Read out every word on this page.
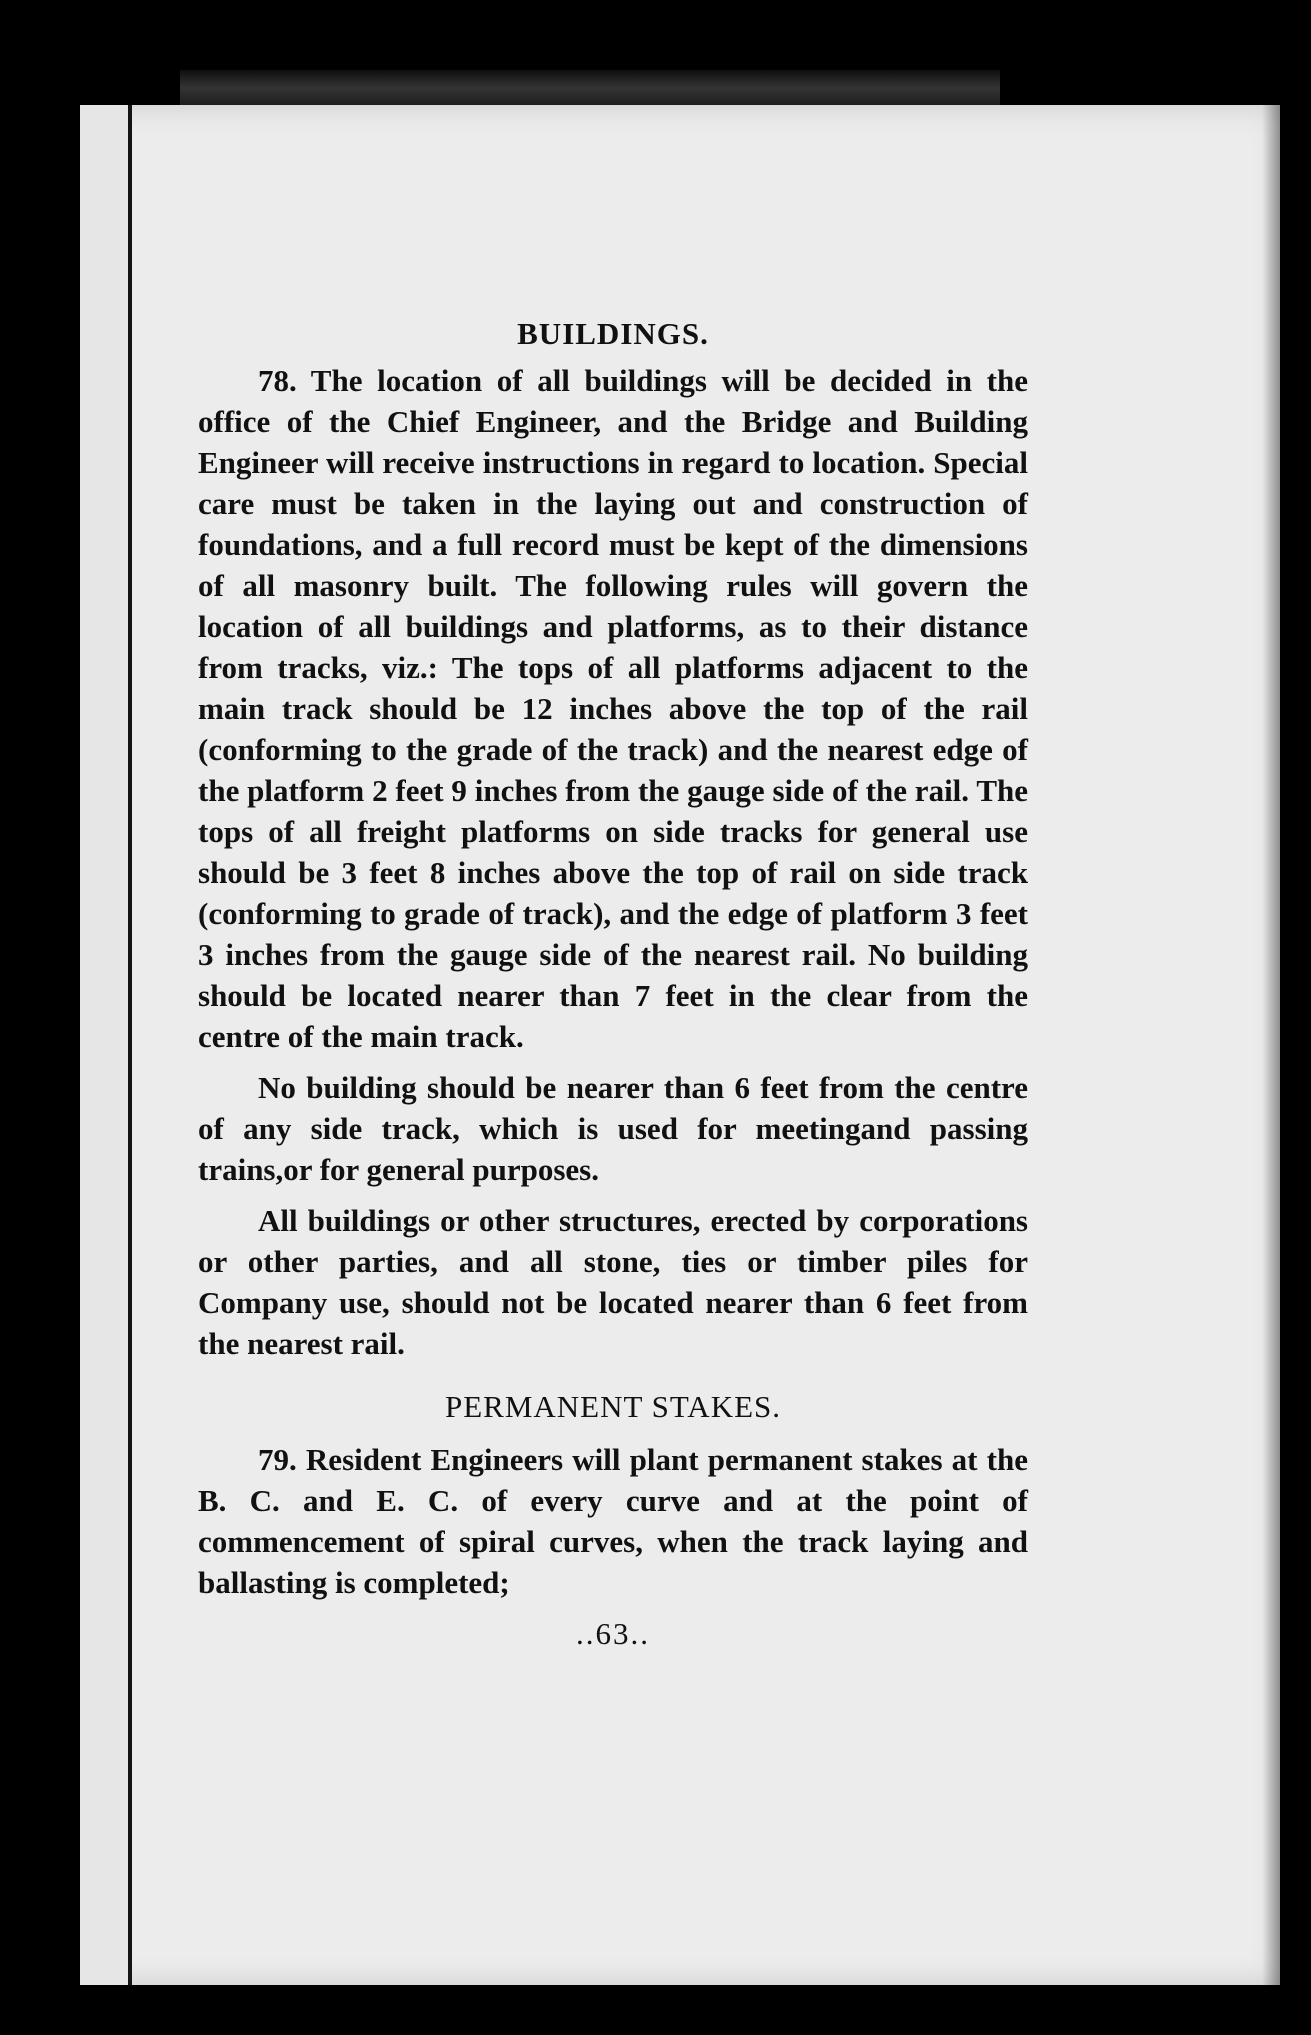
BUILDINGS.

78. The location of all buildings will be decided in the office of the Chief Engineer, and the Bridge and Building Engineer will receive instructions in regard to location. Special care must be taken in the laying out and construction of foundations, and a full record must be kept of the dimensions of all masonry built. The following rules will govern the location of all buildings and platforms, as to their distance from tracks, viz.: The tops of all platforms adjacent to the main track should be 12 inches above the top of the rail (conforming to the grade of the track) and the nearest edge of the platform 2 feet 9 inches from the gauge side of the rail. The tops of all freight platforms on side tracks for general use should be 3 feet 8 inches above the top of rail on side track (conforming to grade of track), and the edge of platform 3 feet 3 inches from the gauge side of the nearest rail. No building should be located nearer than 7 feet in the clear from the centre of the main track.

No building should be nearer than 6 feet from the centre of any side track, which is used for meetingand passing trains,or for general purposes.

All buildings or other structures, erected by corporations or other parties, and all stone, ties or timber piles for Company use, should not be located nearer than 6 feet from the nearest rail.

PERMANENT STAKES.

79. Resident Engineers will plant permanent stakes at the B. C. and E. C. of every curve and at the point of commencement of spiral curves, when the track laying and ballasting is completed;

..63..
